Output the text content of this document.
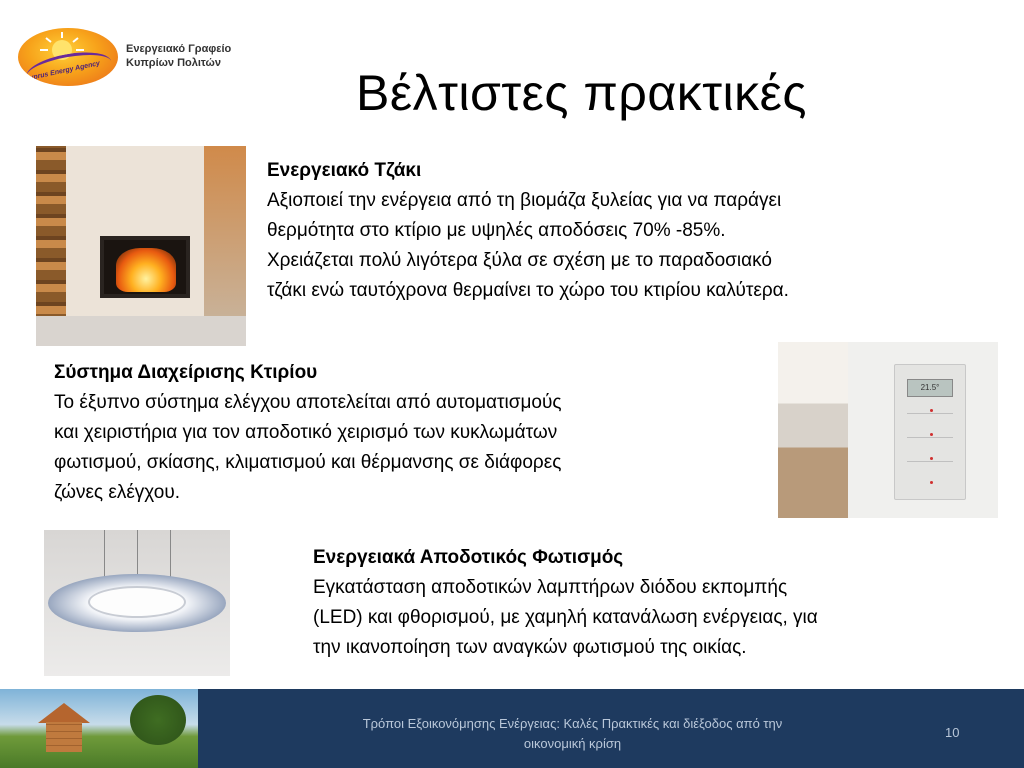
Cyprus Energy Agency
Ενεργειακό Γραφείο
Κυπρίων Πολιτών
Βέλτιστες πρακτικές
Ενεργειακό Τζάκι
Αξιοποιεί την ενέργεια από τη βιομάζα ξυλείας για να παράγει
θερμότητα στο κτίριο με υψηλές αποδόσεις 70% -85%.
Χρειάζεται πολύ λιγότερα ξύλα σε σχέση με το παραδοσιακό
τζάκι ενώ ταυτόχρονα θερμαίνει το χώρο του κτιρίου καλύτερα.
Σύστημα Διαχείρισης Κτιρίου
Το έξυπνο σύστημα ελέγχου αποτελείται από αυτοματισμούς
και χειριστήρια για τον αποδοτικό χειρισμό των κυκλωμάτων
φωτισμού, σκίασης, κλιματισμού και θέρμανσης σε διάφορες
ζώνες ελέγχου.
21.5°
Ενεργειακά Αποδοτικός Φωτισμός
Εγκατάσταση αποδοτικών λαμπτήρων διόδου εκπομπής
(LED) και φθορισμού, με χαμηλή κατανάλωση ενέργειας, για
την ικανοποίηση των αναγκών φωτισμού της οικίας.
Τρόποι Εξοικονόμησης Ενέργειας: Καλές Πρακτικές και διέξοδος από την
οικονομική κρίση
10
